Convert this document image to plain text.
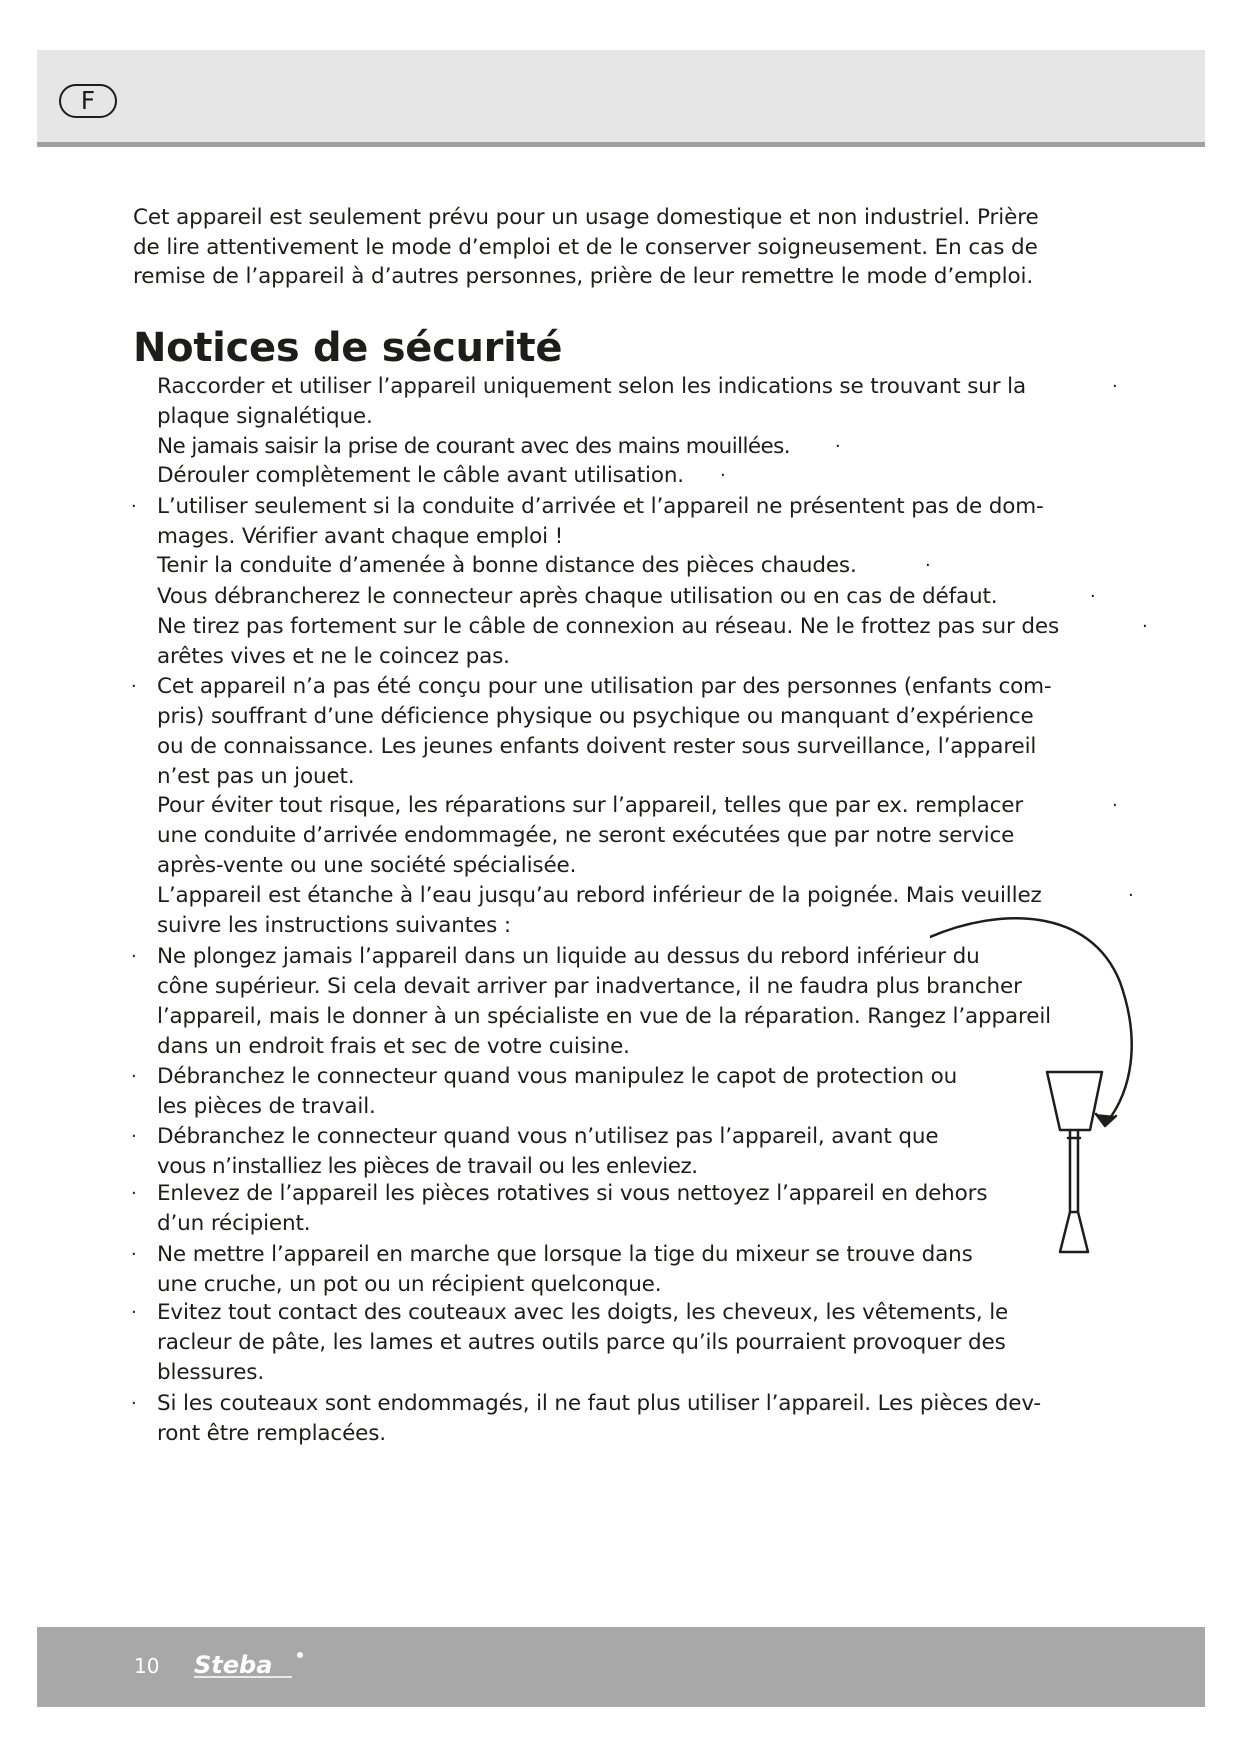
F
Cet appareil est seulement prévu pour un usage domestique et non industriel. Prière
de lire attentivement le mode d’emploi et de le conserver soigneusement. En cas de
remise de l’appareil à d’autres personnes, prière de leur remettre le mode d’emploi.
Notices de sécurité
Raccorder et utiliser l’appareil uniquement selon les indications se trouvant sur la
plaque signalétique.
·
Ne jamais saisir la prise de courant avec des mains mouillées.	·
Dérouler complètement le câble avant utilisation. ·
· L’utiliser seulement si la conduite d’arrivée et l’appareil ne présentent pas de dom-
mages. Vérifier avant chaque emploi !
Tenir la conduite d’amenée à bonne distance des pièces chaudes.	·
Vous débrancherez le connecteur après chaque utilisation ou en cas de défaut.	·
Ne tirez pas fortement sur le câble de connexion au réseau. Ne le frottez pas sur des
arêtes vives et ne le coincez pas.
·
· Cet appareil n’a pas été conçu pour une utilisation par des personnes (enfants com-
pris) souffrant d’une déficience physique ou psychique ou manquant d’expérience
ou de connaissance. Les jeunes enfants doivent rester sous surveillance, l’appareil
n’est pas un jouet.
Pour éviter tout risque, les réparations sur l’appareil, telles que par ex. remplacer
une conduite d’arrivée endommagée, ne seront exécutées que par notre service
après-vente ou une société spécialisée.
·
L’appareil est étanche à l’eau jusqu’au rebord inférieur de la poignée. Mais veuillez
suivre les instructions suivantes :
·
· Ne plongez jamais l’appareil dans un liquide au dessus du rebord inférieur du
cône supérieur. Si cela devait arriver par inadvertance, il ne faudra plus brancher
l’appareil, mais le donner à un spécialiste en vue de la réparation. Rangez l’appareil
dans un endroit frais et sec de votre cuisine.
· Débranchez le connecteur quand vous manipulez le capot de protection ou
les pièces de travail.
· Débranchez le connecteur quand vous n’utilisez pas l’appareil, avant que
vous n’installiez les pièces de travail ou les enleviez.
· Enlevez de l’appareil les pièces rotatives si vous nettoyez l’appareil en dehors
d’un récipient.
· Ne mettre l’appareil en marche que lorsque la tige du mixeur se trouve dans
une cruche, un pot ou un récipient quelconque.
· Evitez tout contact des couteaux avec les doigts, les cheveux, les vêtements, le
racleur de pâte, les lames et autres outils parce qu’ils pourraient provoquer des
blessures.
· Si les couteaux sont endommagés, il ne faut plus utiliser l’appareil. Les pièces dev-
ront être remplacées.
10 Steba
